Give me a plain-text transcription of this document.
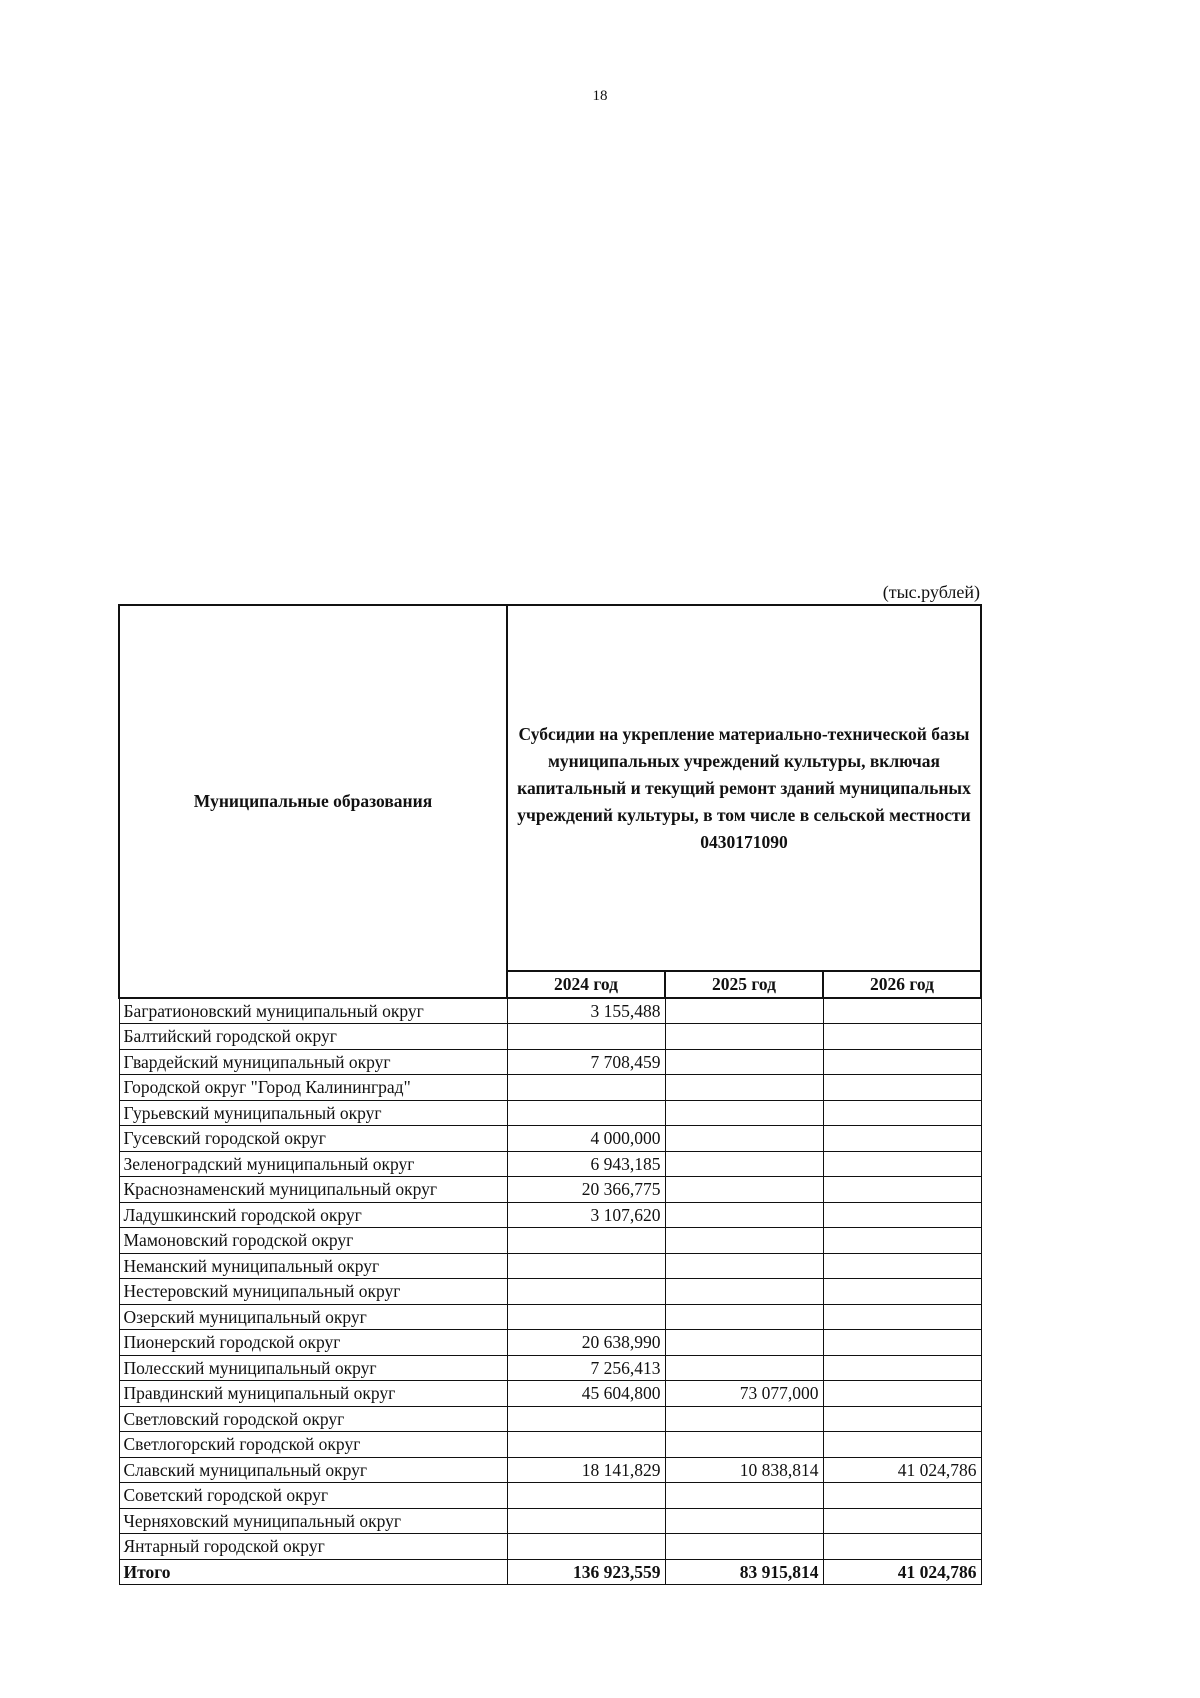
18
(тыс.рублей)
Муниципальные образования	Субсидии на укрепление материально-технической базы муниципальных учреждений культуры, включая капитальный и текущий ремонт зданий муниципальных учреждений культуры, в том числе в сельской местности
0430171090		

	2024 год	2025 год	2026 год
Багратионовский муниципальный округ	3 155,488		
Балтийский городской округ			
Гвардейский муниципальный округ	7 708,459		
Городской округ "Город Калининград"			
Гурьевский муниципальный округ			
Гусевский городской округ	4 000,000		
Зеленоградский муниципальный округ	6 943,185		
Краснознаменский муниципальный округ	20 366,775		
Ладушкинский городской округ	3 107,620		
Мамоновский городской округ			
Неманский муниципальный округ			
Нестеровский муниципальный округ			
Озерский муниципальный округ			
Пионерский городской округ	20 638,990		
Полесский муниципальный округ	7 256,413		
Правдинский муниципальный округ	45 604,800	73 077,000	
Светловский городской округ			
Светлогорский городской округ			
Славский муниципальный округ	18 141,829	10 838,814	41 024,786
Советский городской округ			
Черняховский муниципальный округ			
Янтарный городской округ			
Итого	136 923,559	83 915,814	41 024,786
